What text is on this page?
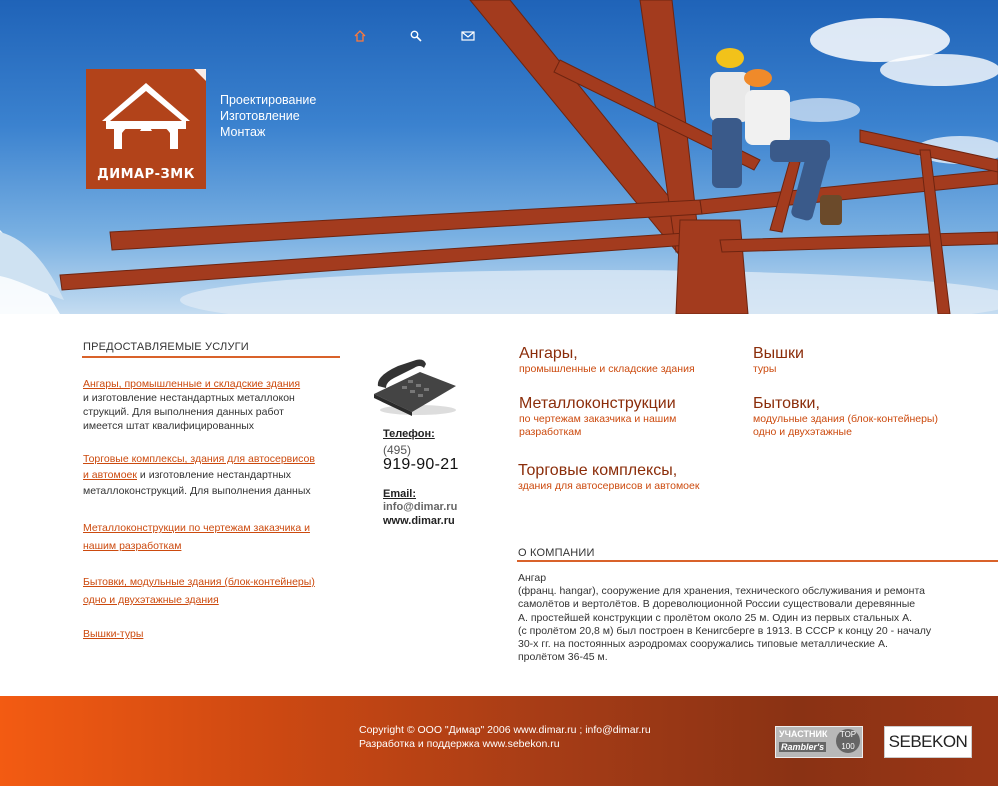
ДИМАР-ЗМК
Проектирование
Изготовление
Монтаж
ПРЕДОСТАВЛЯЕМЫЕ УСЛУГИ
Ангары, промышленные и складские здания
и изготовление нестандартных металлокон
струкций. Для выполнения данных работ
имеется штат квалифицированных
Торговые комплексы, здания для автосервисов
и автомоек и изготовление нестандартных
металлоконструкций. Для выполнения данных
Металлоконструкции по чертежам заказчика и
нашим разработкам
Бытовки, модульные здания (блок-контейнеры)
одно и двухэтажные здания
Вышки-туры
Телефон:
(495)
919-90-21
Email:
info@dimar.ru
www.dimar.ru
Ангары,
промышленные и складские здания
Вышки
туры
Металлоконструкции
по чертежам заказчика и нашим
разработкам
Бытовки,
модульные здания (блок-контейнеры)
одно и двухэтажные
Торговые комплексы,
здания для автосервисов и автомоек
О КОМПАНИИ
Ангар
(франц. hangar), сооружение для хранения, технического обслуживания и ремонта
самолётов и вертолётов. В дореволюционной России существовали деревянные
А. простейшей конструкции с пролётом около 25 м. Один из первых стальных А.
(с пролётом 20,8 м) был построен в Кенигсберге в 1913. В СССР к концу 20 - началу
30-х гг. на постоянных аэродромах сооружались типовые металлические А.
пролётом 36-45 м.
Copyright © ООО "Димар" 2006 www.dimar.ru ; info@dimar.ru
Разработка и поддержка www.sebekon.ru
УЧАСТНИК
Rambler's
TOP 100	SEBEKON
